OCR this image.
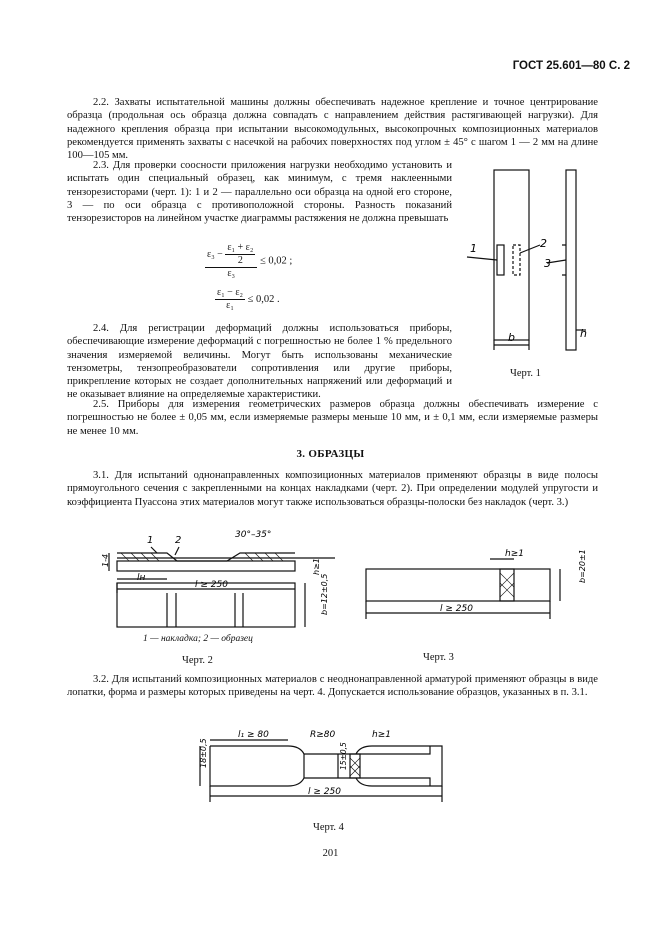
ГОСТ 25.601—80 С. 2
2.2. Захваты испытательной машины должны обеспечивать надежное крепление и точное центрирование образца (продольная ось образца должна совпадать с направлением действия растягивающей нагрузки). Для надежного крепления образца при испытании высокомодульных, высокопрочных композиционных материалов рекомендуется применять захваты с насечкой на рабочих поверхностях под углом ± 45° с шагом 1 — 2 мм на длине 100—105 мм.
2.3. Для проверки соосности приложения нагрузки необходимо установить и испытать один специальный образец, как минимум, с тремя наклеенными тензорезисторами (черт. 1): 1 и 2 — параллельно оси образца на одной его стороне, 3 — по оси образца с противоположной стороны. Разность показаний тензорезисторов на линейном участке диаграммы растяжения не должна превышать
$\frac{\varepsilon_3 - \frac{\text{ε₁ + ε₂}}{2}}{\text{ε₃}} \le 0,02$ ;
$\frac{\text{ε₁ − ε₂}}{\text{ε₁}} \le 0,02$ .
2.4. Для регистрации деформаций должны использоваться приборы, обеспечивающие измерение деформаций с погрешностью не более 1 % предельного значения измеряемой величины. Могут быть использованы механические тензометры, тензопреобразователи сопротивления или другие приборы, прикрепление которых не создает дополнительных напряжений или деформаций и не оказывает влияние на определяемые характеристики.
2.5. Приборы для измерения геометрических размеров образца должны обеспечивать измерение с погрешностью не более ± 0,05 мм, если измеряемые размеры меньше 10 мм, и ± 0,1 мм, если измеряемые размеры не менее 10 мм.
1	2
3
b	h
Черт. 1
3. ОБРАЗЦЫ
3.1. Для испытаний однонаправленных композиционных материалов применяют образцы в виде полосы прямоугольного сечения с закрепленными на концах накладками (черт. 2). При определении модулей упругости и коэффициента Пуассона этих материалов могут также использоваться образцы-полоски без накладок (черт. 3.)
1 2	30°–35°
1-4
lн
l ≥ 250
h≥1
b=12±0,5
1 — накладка; 2 — образец
Черт. 2
h≥1
l ≥ 250
b=20±1
Черт. 3
3.2. Для испытаний композиционных материалов с неоднонаправленной арматурой применяют образцы в виде лопатки, форма и размеры которых приведены на черт. 4. Допускается использование образцов, указанных в п. 3.1.
l₁ ≥ 80	R≥80	h≥1
18±0,5	15±0,5
l ≥ 250
Черт. 4
201
